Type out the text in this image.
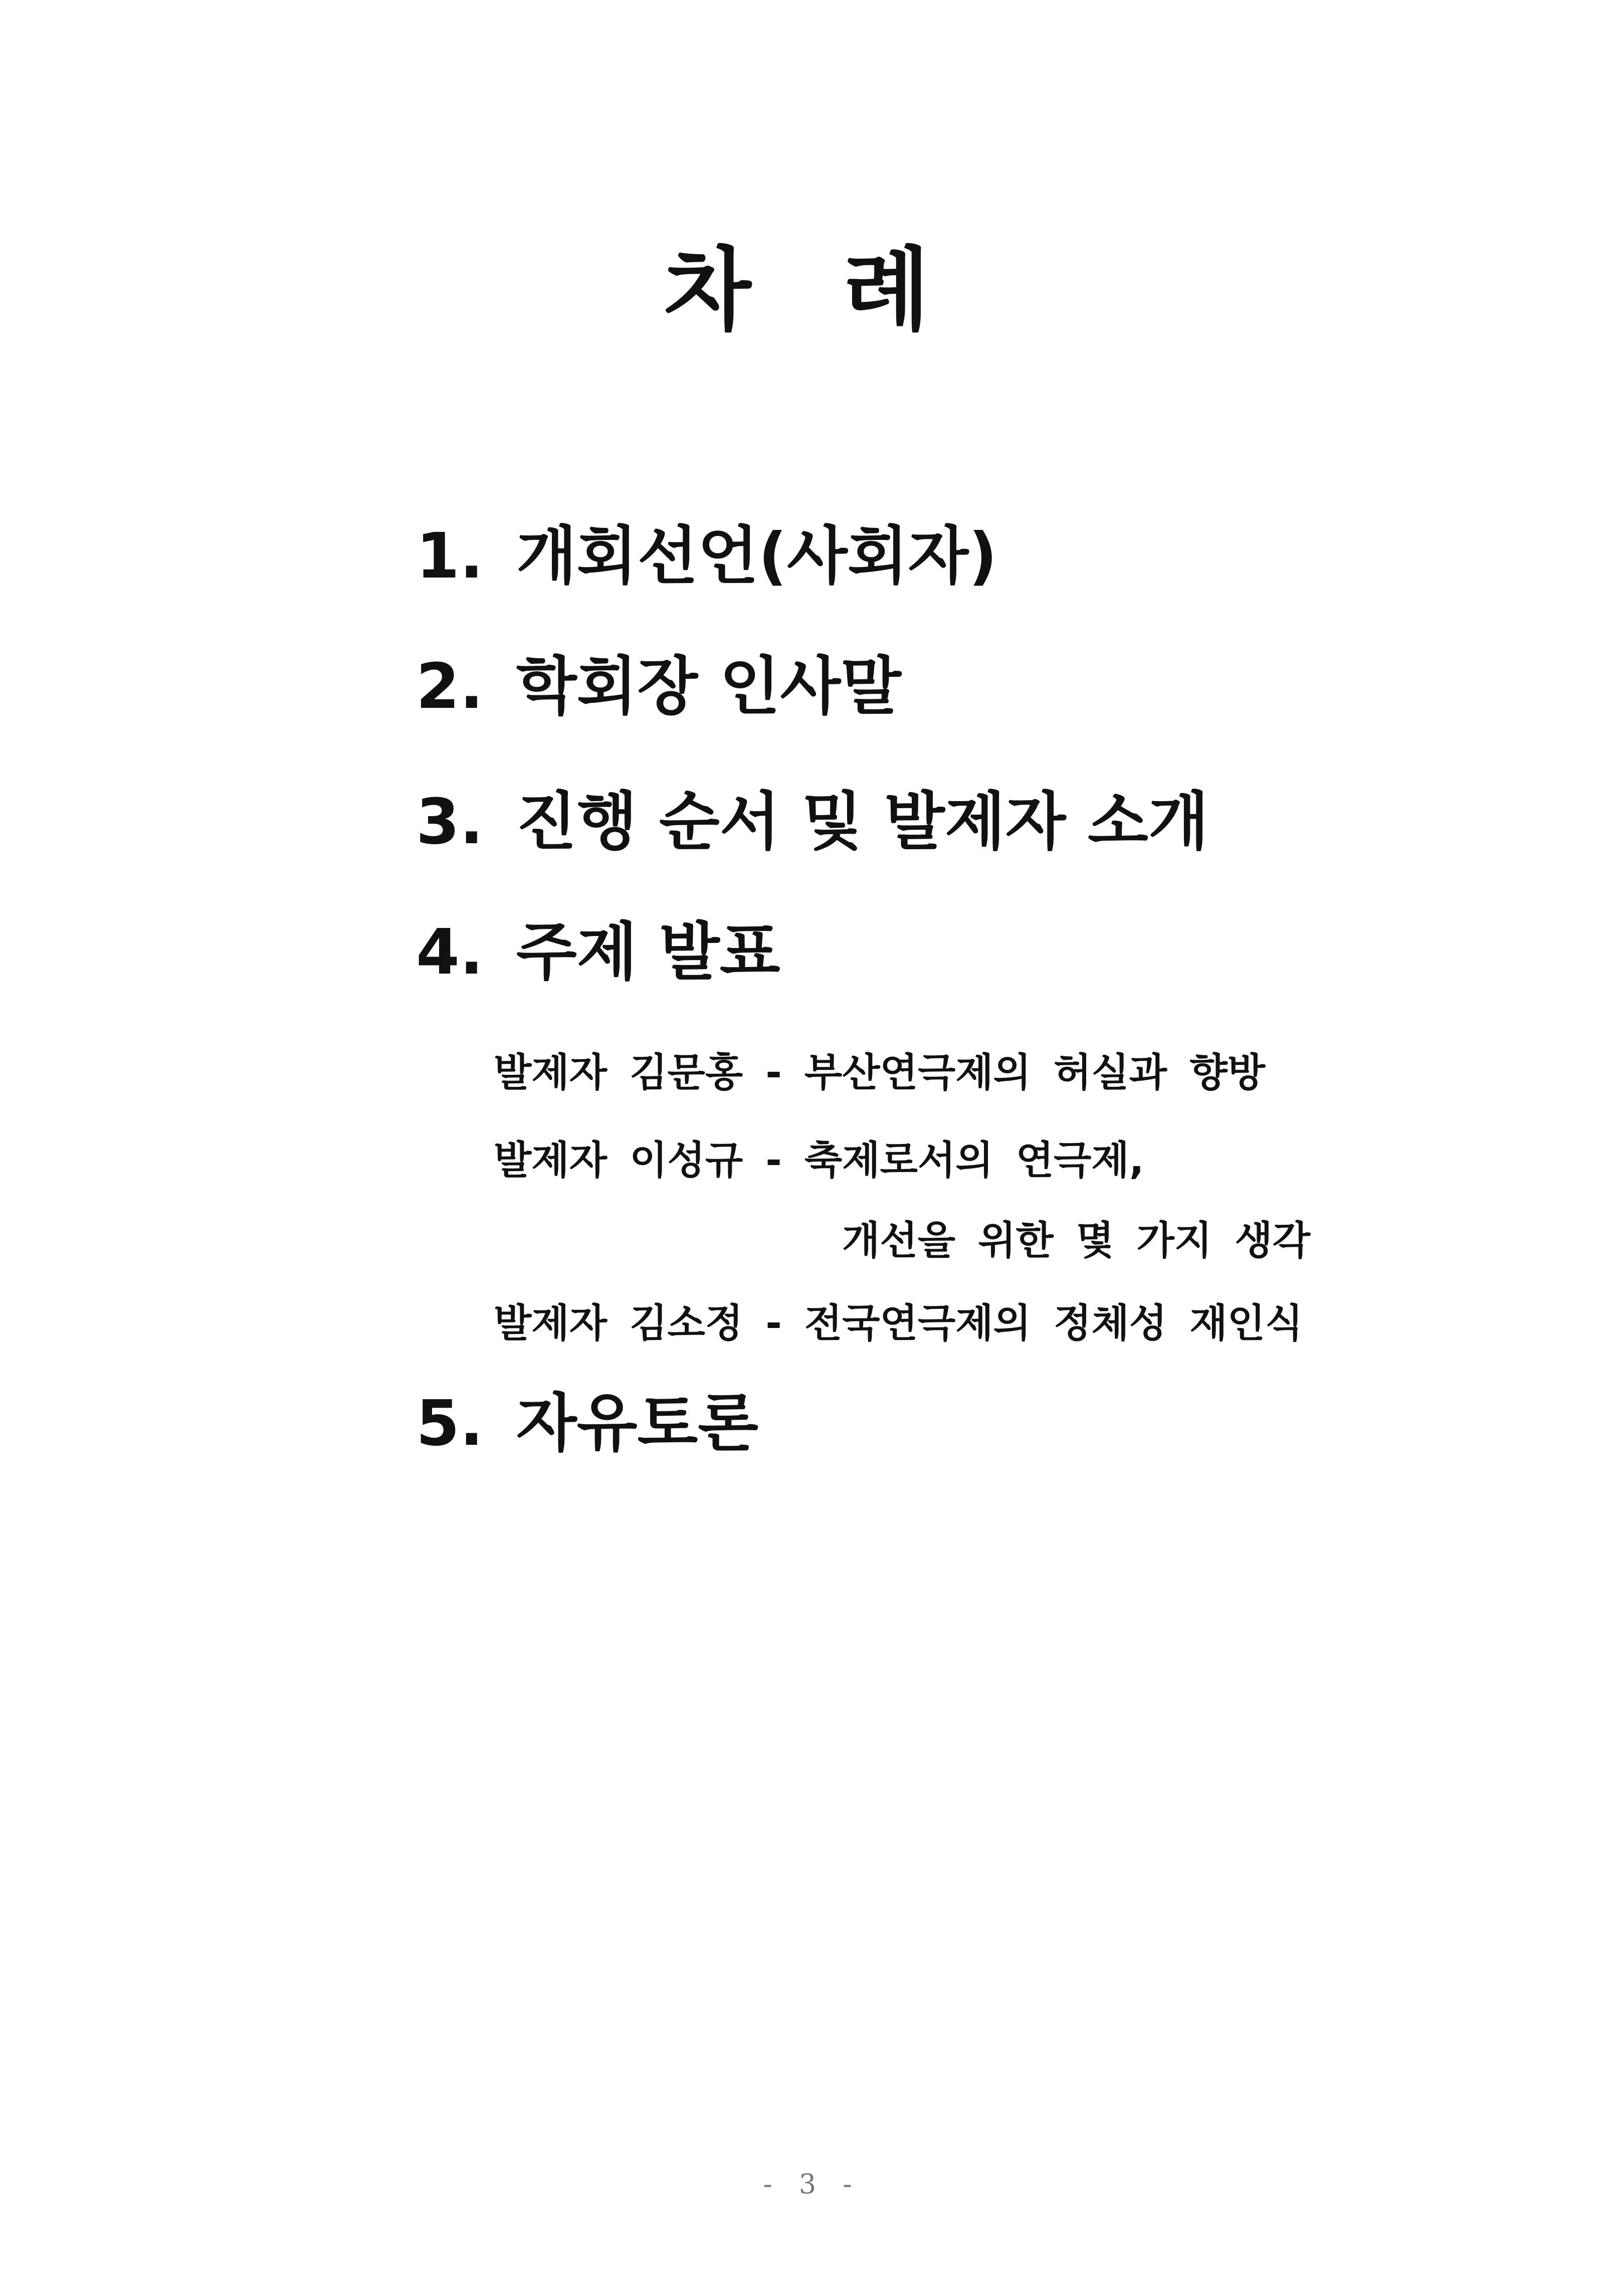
차 례
1. 개회선언(사회자)
2. 학회장 인사말
3. 진행 순서 및 발제자 소개
4. 주제 발표
발제자 김문홍 - 부산연극제의 허실과 향방
발제자 이성규 - 축제로서의 연극제,
개선을 위한 몇 가지 생각
발제자 김소정 - 전국연극제의 정체성 재인식
5. 자유토론
- 3 -
